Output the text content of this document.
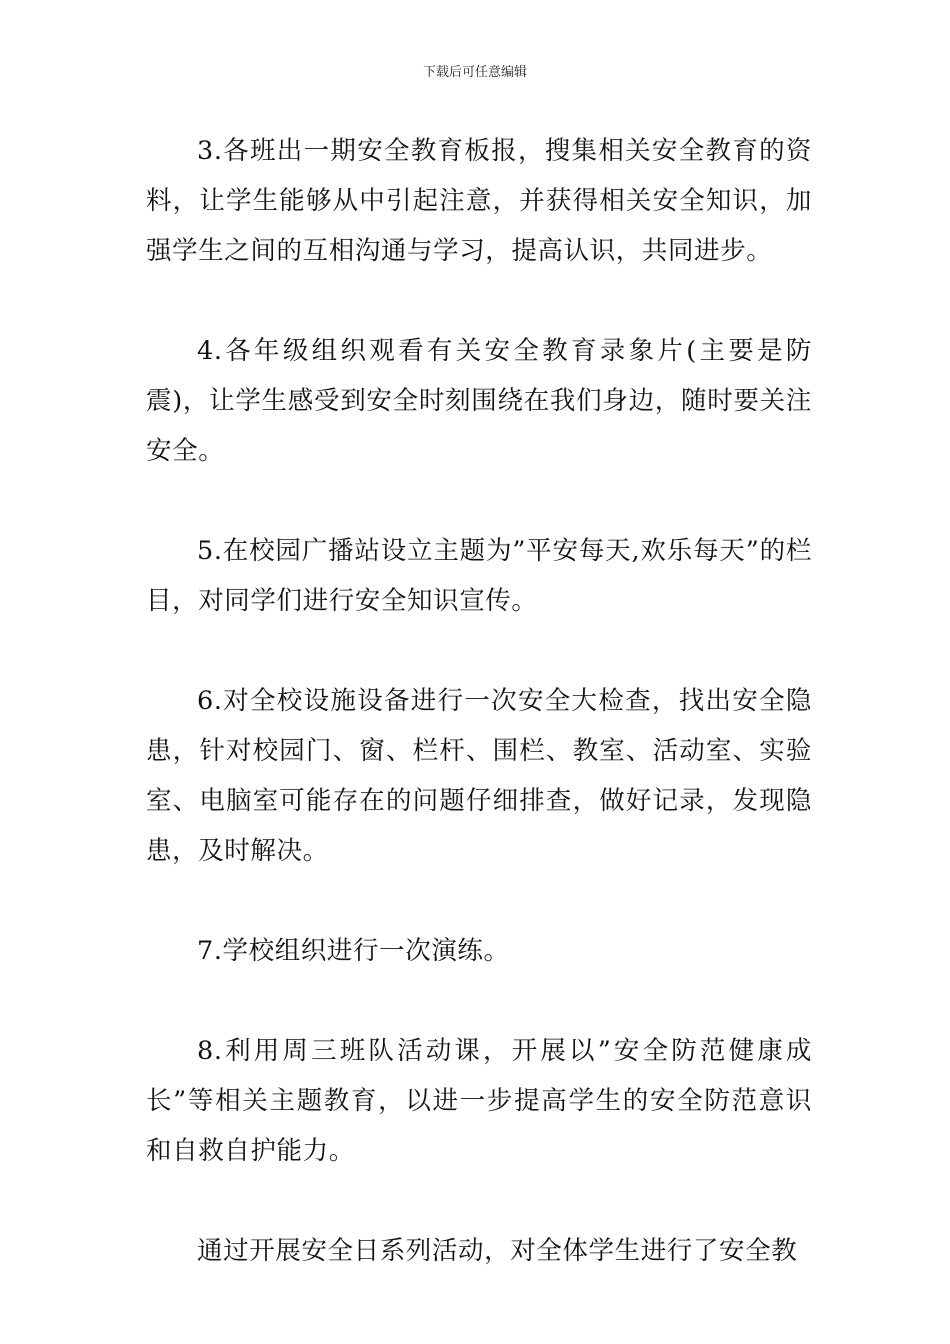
下载后可任意编辑

3.各班出一期安全教育板报，搜集相关安全教育的资料，让学生能够从中引起注意，并获得相关安全知识，加强学生之间的互相沟通与学习，提高认识，共同进步。

4.各年级组织观看有关安全教育录象片(主要是防震)，让学生感受到安全时刻围绕在我们身边，随时要关注安全。

5.在校园广播站设立主题为”平安每天,欢乐每天”的栏目，对同学们进行安全知识宣传。

6.对全校设施设备进行一次安全大检查，找出安全隐患，针对校园门、窗、栏杆、围栏、教室、活动室、实验室、电脑室可能存在的问题仔细排查，做好记录，发现隐患，及时解决。

7.学校组织进行一次演练。

8.利用周三班队活动课，开展以”安全防范健康成长”等相关主题教育，以进一步提高学生的安全防范意识和自救自护能力。

通过开展安全日系列活动，对全体学生进行了安全教
